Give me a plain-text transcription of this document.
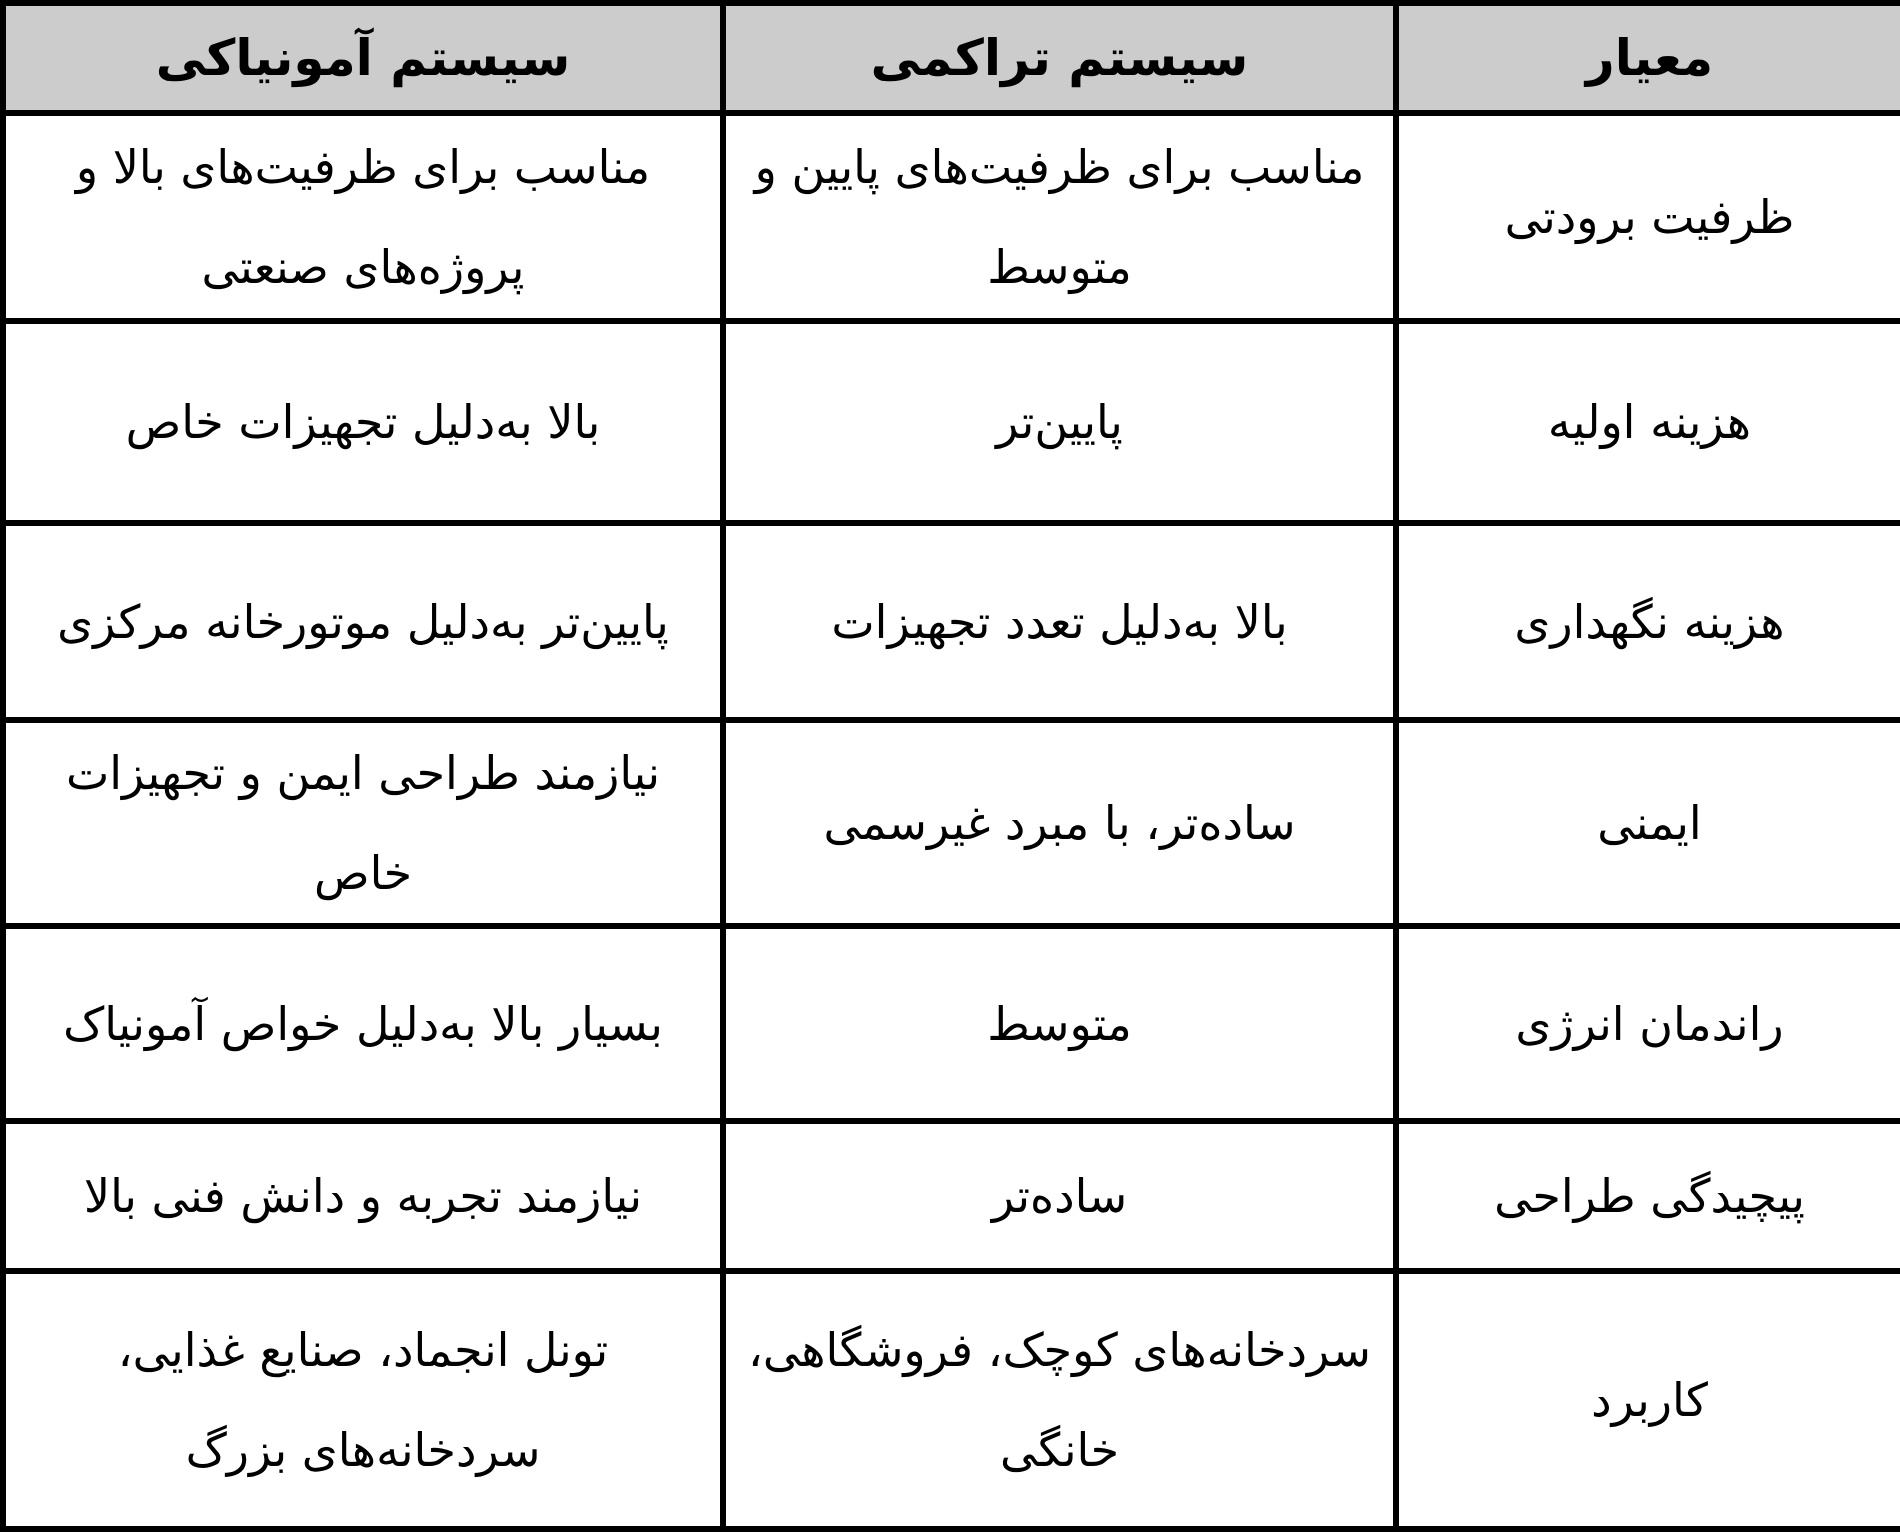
معیار	سیستم تراکمی	سیستم آمونیاکی
ظرفیت برودتی	مناسب برای ظرفیت‌های پایین و متوسط	مناسب برای ظرفیت‌های بالا و پروژه‌های صنعتی
هزینه اولیه	پایین‌تر	بالا به‌دلیل تجهیزات خاص
هزینه نگهداری	بالا به‌دلیل تعدد تجهیزات	پایین‌تر به‌دلیل موتورخانه مرکزی
ایمنی	ساده‌تر، با مبرد غیرسمی	نیازمند طراحی ایمن و تجهیزات خاص
راندمان انرژی	متوسط	بسیار بالا به‌دلیل خواص آمونیاک
پیچیدگی طراحی	ساده‌تر	نیازمند تجربه و دانش فنی بالا
کاربرد	سردخانه‌های کوچک، فروشگاهی، خانگی	تونل انجماد، صنایع غذایی، سردخانه‌های بزرگ
